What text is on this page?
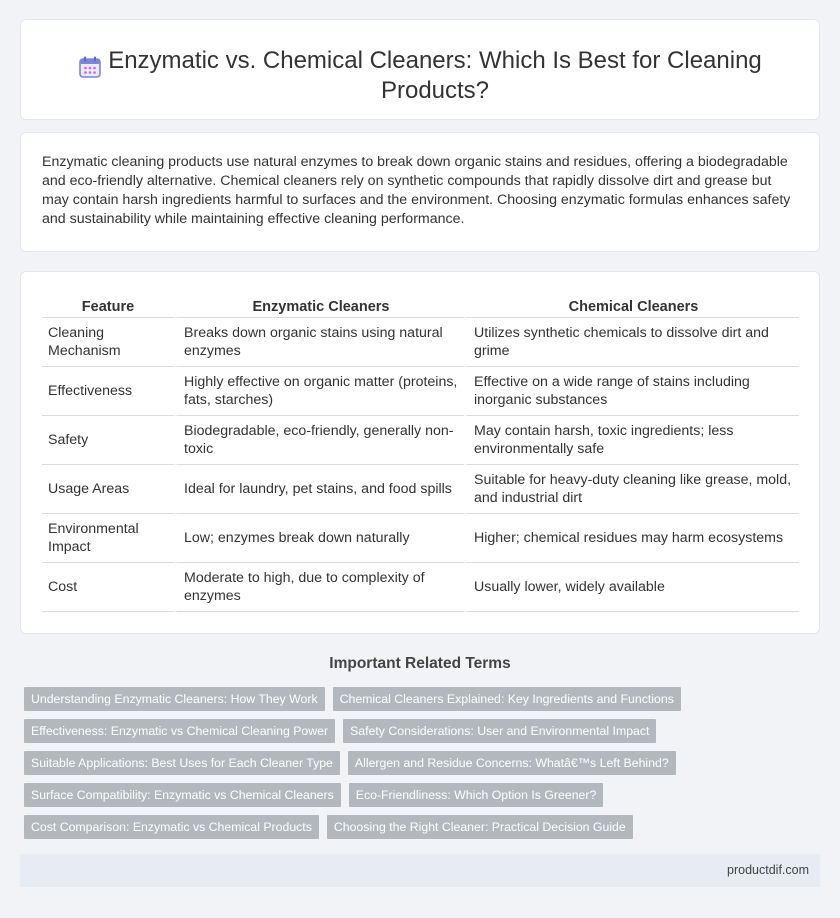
Enzymatic vs. Chemical Cleaners: Which Is Best for Cleaning Products?

Enzymatic cleaning products use natural enzymes to break down organic stains and residues, offering a biodegradable and eco-friendly alternative. Chemical cleaners rely on synthetic compounds that rapidly dissolve dirt and grease but may contain harsh ingredients harmful to surfaces and the environment. Choosing enzymatic formulas enhances safety and sustainability while maintaining effective cleaning performance.

Feature	Enzymatic Cleaners	Chemical Cleaners
Cleaning Mechanism	Breaks down organic stains using natural enzymes	Utilizes synthetic chemicals to dissolve dirt and grime
Effectiveness	Highly effective on organic matter (proteins, fats, starches)	Effective on a wide range of stains including inorganic substances
Safety	Biodegradable, eco-friendly, generally non-toxic	May contain harsh, toxic ingredients; less environmentally safe
Usage Areas	Ideal for laundry, pet stains, and food spills	Suitable for heavy-duty cleaning like grease, mold, and industrial dirt
Environmental Impact	Low; enzymes break down naturally	Higher; chemical residues may harm ecosystems
Cost	Moderate to high, due to complexity of enzymes	Usually lower, widely available
Important Related Terms
Understanding Enzymatic Cleaners: How They Work	Chemical Cleaners Explained: Key Ingredients and Functions
Effectiveness: Enzymatic vs Chemical Cleaning Power	Safety Considerations: User and Environmental Impact
Suitable Applications: Best Uses for Each Cleaner Type	Allergen and Residue Concerns: Whatâ€™s Left Behind?
Surface Compatibility: Enzymatic vs Chemical Cleaners	Eco-Friendliness: Which Option Is Greener?
Cost Comparison: Enzymatic vs Chemical Products	Choosing the Right Cleaner: Practical Decision Guide
productdif.com
